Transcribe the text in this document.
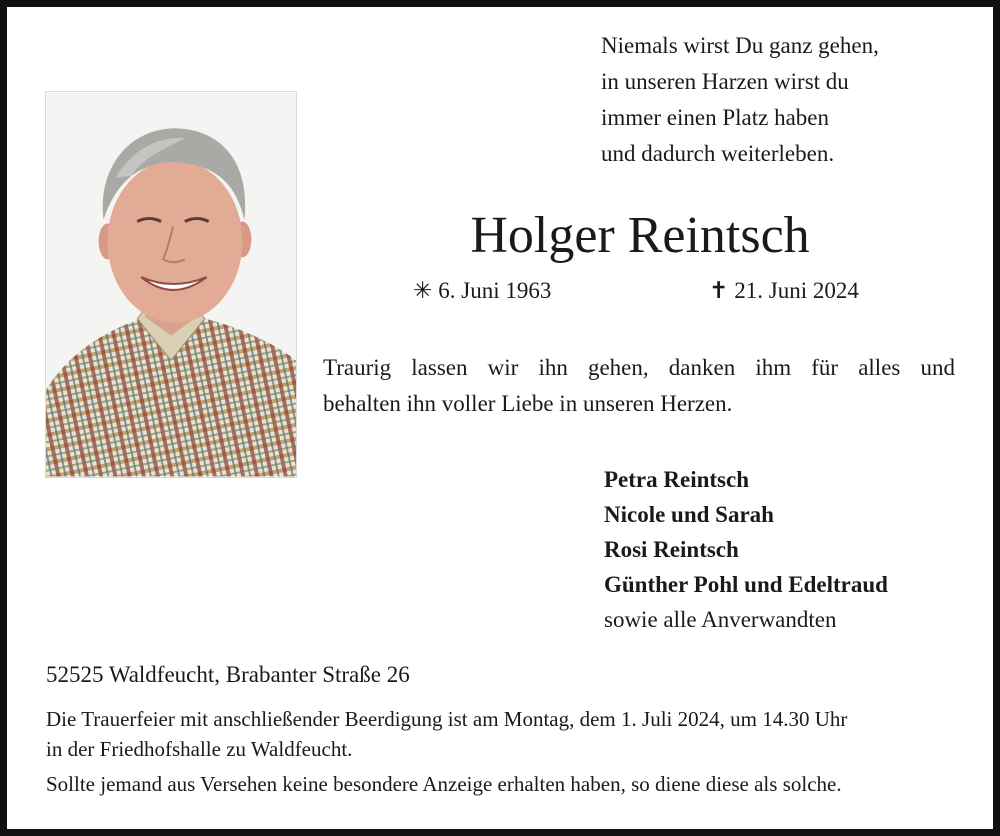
Niemals wirst Du ganz gehen,
in unseren Harzen wirst du
immer einen Platz haben
und dadurch weiterleben.
Holger Reintsch
✳ 6. Juni 1963	✝ 21. Juni 2024
Traurig lassen wir ihn gehen, danken ihm für alles und
behalten ihn voller Liebe in unseren Herzen.
Petra Reintsch
Nicole und Sarah
Rosi Reintsch
Günther Pohl und Edeltraud
sowie alle Anverwandten
52525 Waldfeucht, Brabanter Straße 26
Die Trauerfeier mit anschließender Beerdigung ist am Montag, dem 1. Juli 2024, um 14.30 Uhr
in der Friedhofshalle zu Waldfeucht.
Sollte jemand aus Versehen keine besondere Anzeige erhalten haben, so diene diese als solche.
